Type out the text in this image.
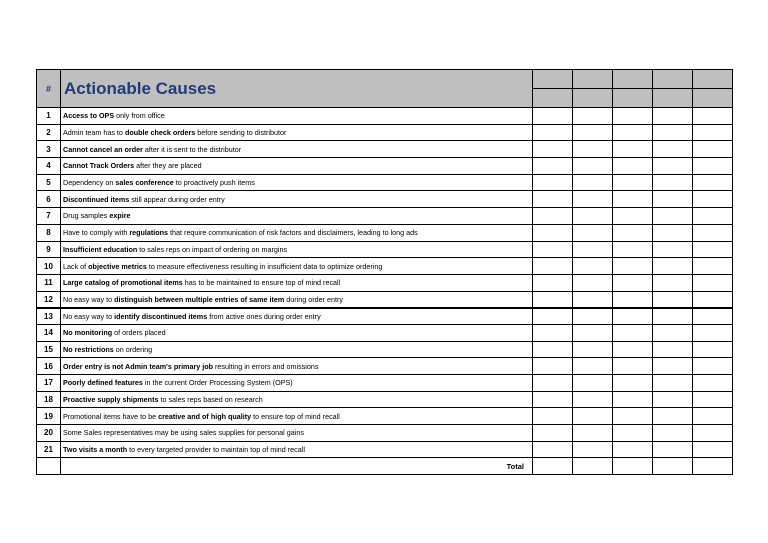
#	Actionable Causes					

1	Access to OPS only from office					
2	Admin team has to double check orders before sending to distributor					
3	Cannot cancel an order after it is sent to the distributor					
4	Cannot Track Orders after they are placed					
5	Dependency on sales conference to proactively push items					
6	Discontinued items still appear during order entry					
7	Drug samples expire					
8	Have to comply with regulations that require communication of risk factors and disclaimers, leading to long ads					
9	Insufficient education to sales reps on impact of ordering on margins					
10	Lack of objective metrics to measure effectiveness resulting in insufficient data to optimize ordering					
11	Large catalog of promotional items has to be maintained to ensure top of mind recall					
12	No easy way to distinguish between multiple entries of same item during order entry					
13	No easy way to identify discontinued items from active ones during order entry					
14	No monitoring of orders placed					
15	No restrictions on ordering					
16	Order entry is not Admin team's primary job resulting in errors and omissions					
17	Poorly defined features in the current Order Processing System (OPS)					
18	Proactive supply shipments to sales reps based on research					
19	Promotional items have to be creative and of high quality to ensure top of mind recall					
20	Some Sales representatives may be using sales supplies for personal gains					
21	Two visits a month to every targeted provider to maintain top of mind recall					
	Total					
